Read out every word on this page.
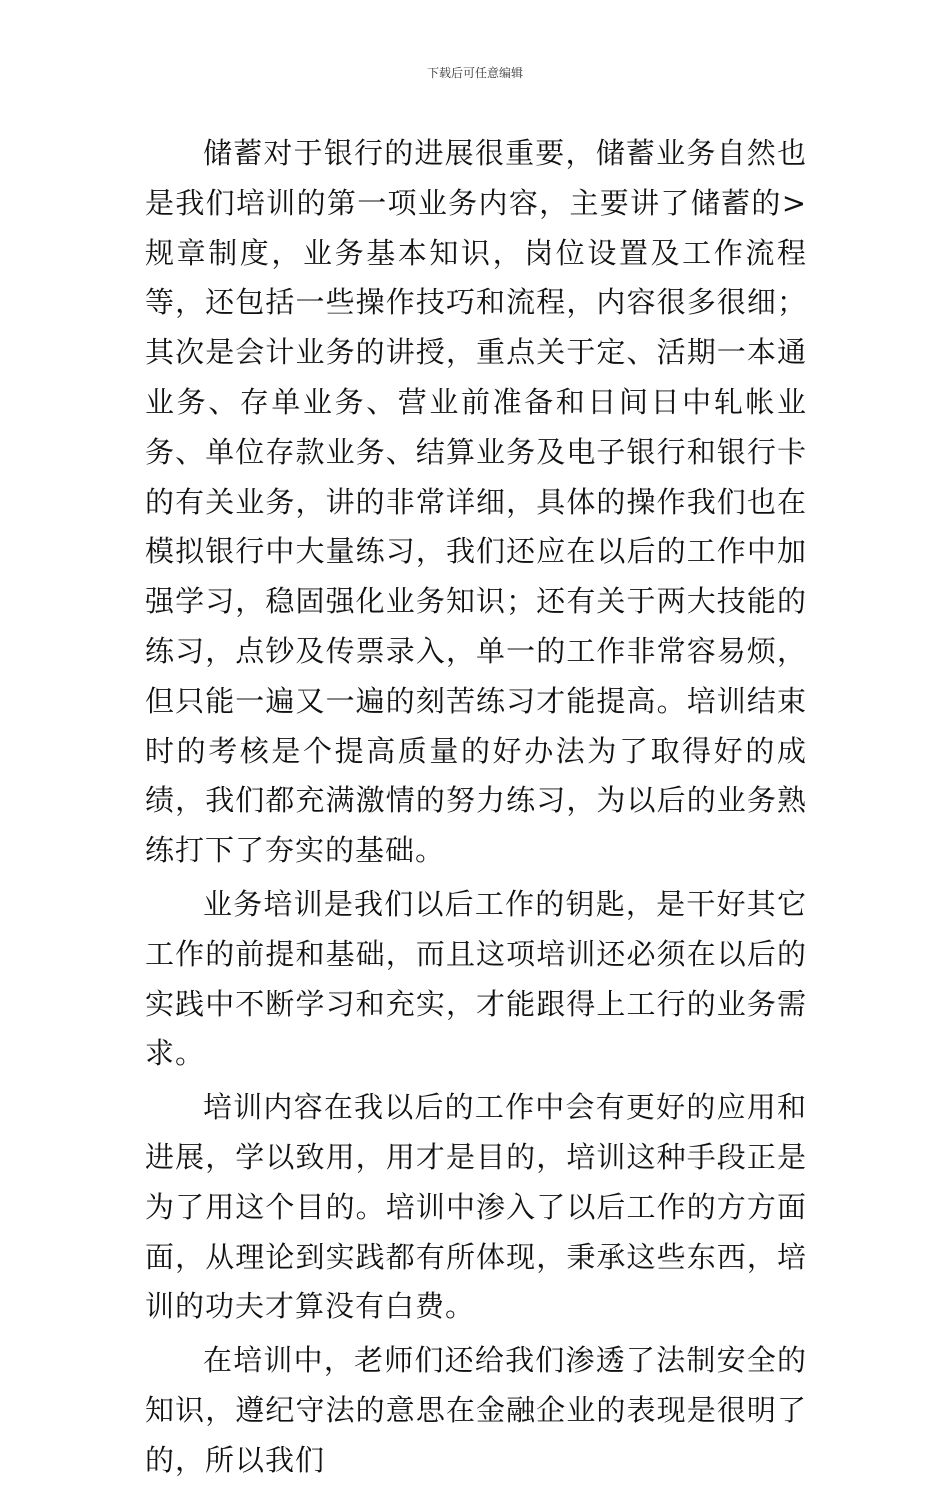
下载后可任意编辑

储蓄对于银行的进展很重要，储蓄业务自然也是我们培训的第一项业务内容，主要讲了储蓄的>规章制度，业务基本知识，岗位设置及工作流程等，还包括一些操作技巧和流程，内容很多很细；其次是会计业务的讲授，重点关于定、活期一本通业务、存单业务、营业前准备和日间日中轧帐业务、单位存款业务、结算业务及电子银行和银行卡的有关业务，讲的非常详细，具体的操作我们也在模拟银行中大量练习，我们还应在以后的工作中加强学习，稳固强化业务知识；还有关于两大技能的练习，点钞及传票录入，单一的工作非常容易烦，但只能一遍又一遍的刻苦练习才能提高。培训结束时的考核是个提高质量的好办法为了取得好的成绩，我们都充满激情的努力练习，为以后的业务熟练打下了夯实的基础。

业务培训是我们以后工作的钥匙，是干好其它工作的前提和基础，而且这项培训还必须在以后的实践中不断学习和充实，才能跟得上工行的业务需求。

培训内容在我以后的工作中会有更好的应用和进展，学以致用，用才是目的，培训这种手段正是为了用这个目的。培训中渗入了以后工作的方方面面，从理论到实践都有所体现，秉承这些东西，培训的功夫才算没有白费。

在培训中，老师们还给我们渗透了法制安全的知识，遵纪守法的意思在金融企业的表现是很明了的，所以我们
